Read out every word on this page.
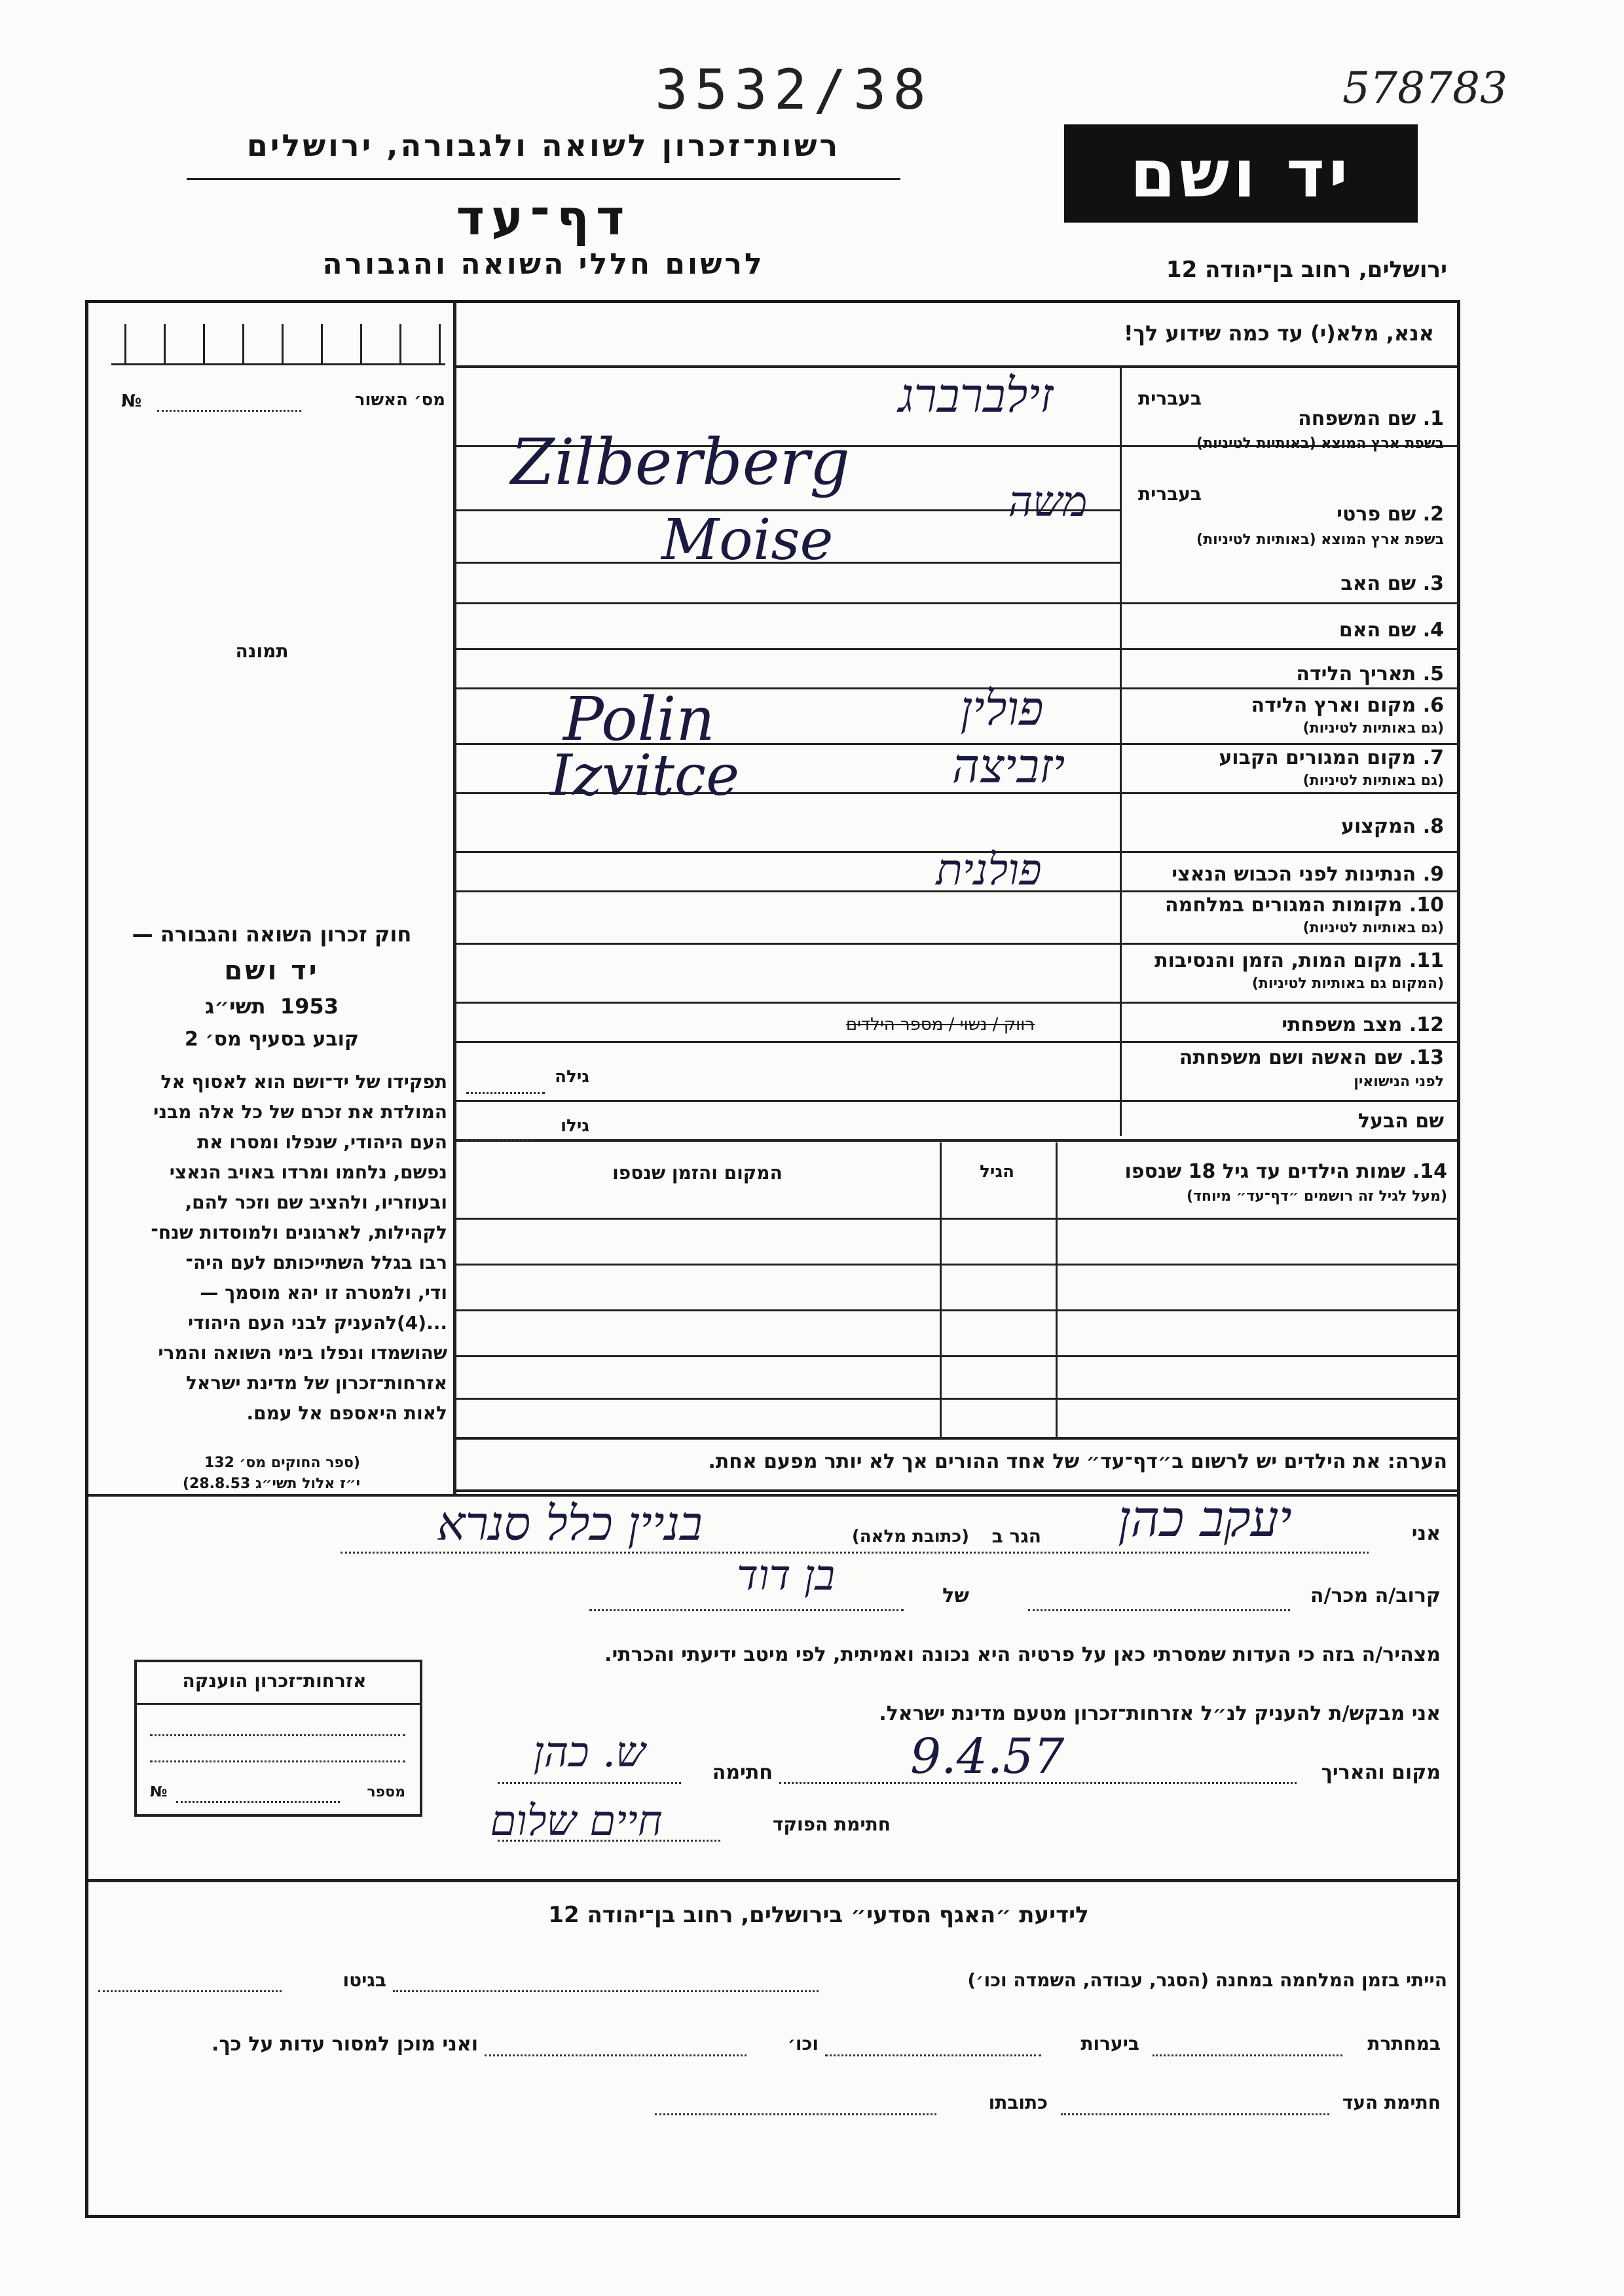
3532/38	578783
רשות־זכרון לשואה ולגבורה, ירושלים
דף־עד
לרשום חללי השואה והגבורה
יד ושם
ירושלים, רחוב בן־יהודה 12
אנא, מלא(י) עד כמה שידוע לך!
מס׳ האשור
№
תמונה
חוק זכרון השואה והגבורה —
יד ושם
1953  תשי״ג
קובע בסעיף מס׳ 2
תפקידו של יד־ושם הוא לאסוף אל
המולדת את זכרם של כל אלה מבני
העם היהודי, שנפלו ומסרו את
נפשם, נלחמו ומרדו באויב הנאצי
ובעוזריו, ולהציב שם וזכר להם,
לקהילות, לארגונים ולמוסדות שנח־
רבו בגלל השתייכותם לעם היה־
ודי, ולמטרה זו יהא מוסמך —
...(4)להעניק לבני העם היהודי
שהושמדו ונפלו בימי השואה והמרי
אזרחות־זכרון של מדינת ישראל
לאות היאספם אל עמם.
(ספר החוקים מס׳ 132
י״ז אלול תשי״ג 28.8.53)
בעברית
1. שם המשפחה
בשפת ארץ המוצא (באותיות לטיניות)
זילברברג
Zilberberg	בעברית
2. שם פרטי
בשפת ארץ המוצא (באותיות לטיניות)
משה
Moise
3. שם האב
4. שם האם
5. תאריך הלידה
6. מקום וארץ הלידה
(גם באותיות לטיניות)
פולין
Polin
7. מקום המגורים הקבוע
(גם באותיות לטיניות)
יזביצה
Izvitce
8. המקצוע
9. הנתינות לפני הכבוש הנאצי
פולנית
10. מקומות המגורים במלחמה
(גם באותיות לטיניות)
11. מקום המות, הזמן והנסיבות
(המקום גם באותיות לטיניות)
12. מצב משפחתי
רווק / נשוי / מספר הילדים
13. שם האשה ושם משפחתה
לפני הנישואין
גילה
שם הבעל
גילו
14. שמות הילדים עד גיל 18 שנספו
(מעל לגיל זה רושמים ״דף־עד״ מיוחד)
הגיל
המקום והזמן שנספו
הערה: את הילדים יש לרשום ב״דף־עד״ של אחד ההורים אך לא יותר מפעם אחת.
אני
יעקב כהן
הגר ב
(כתובת מלאה)
בניין כלל סנרא
קרוב/ה מכר/ה
של
בן דוד
מצהיר/ה בזה כי העדות שמסרתי כאן על פרטיה היא נכונה ואמיתית, לפי מיטב ידיעתי והכרתי.
אני מבקש/ת להעניק לנ״ל אזרחות־זכרון מטעם מדינת ישראל.
מקום והאריך
9.4.57
חתימה
ש. כהן
חתימת הפוקד
חיים שלום
אזרחות־זכרון הוענקה
מספר
№
לידיעת ״האגף הסדעי״ בירושלים, רחוב בן־יהודה 12
הייתי בזמן המלחמה במחנה (הסגר, עבודה, השמדה וכו׳)
בגיטו
במחתרת
ביערות
וכו׳
ואני מוכן למסור עדות על כך.
חתימת העד
כתובתו
